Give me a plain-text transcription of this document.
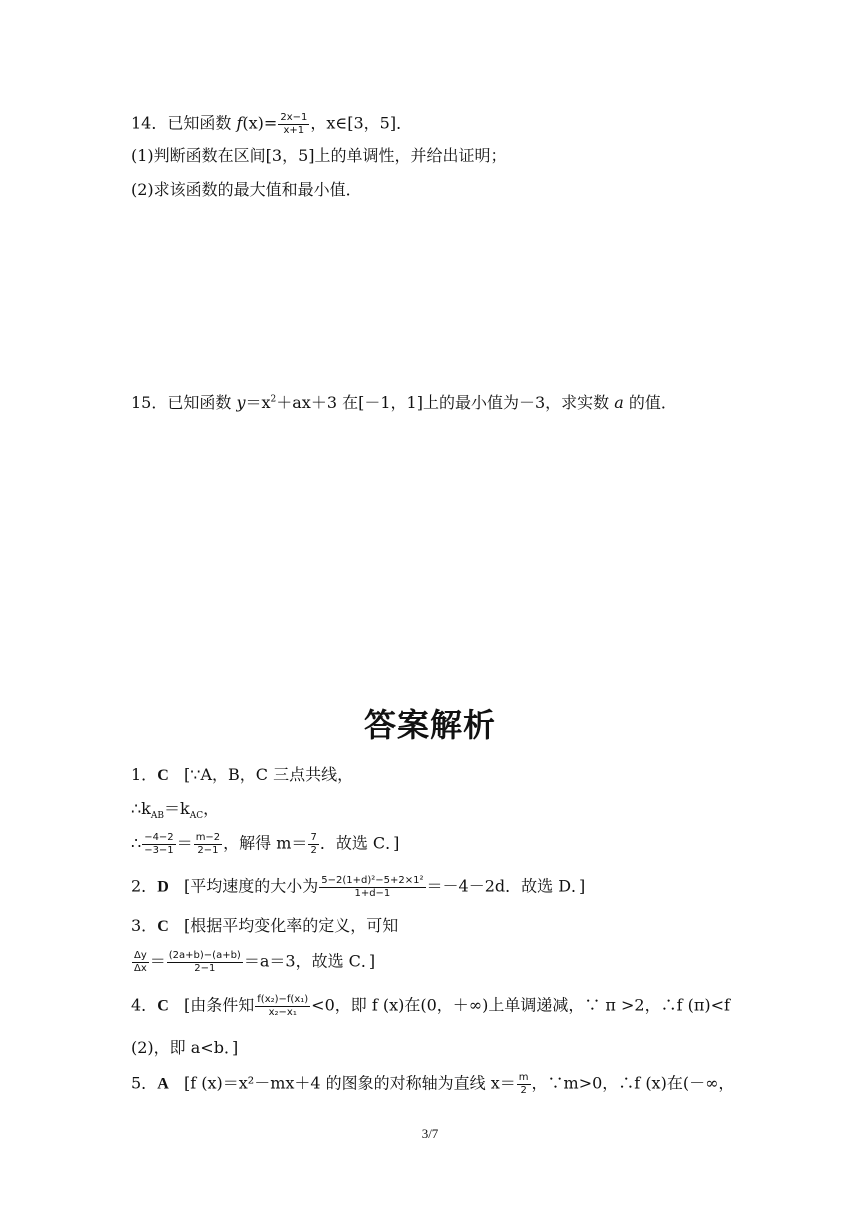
14．已知函数 $f(x)= \frac{2x-1}{x+1}$ ，x∈[3，5]．
(1)判断函数在区间[3，5]上的单调性，并给出证明；
(2)求该函数的最大值和最小值．
15．已知函数 $y=x^2+ax+3$ 在[－1，1]上的最小值为－3，求实数 a 的值．
答案解析
1．C [∵A，B，C 三点共线，
$\therefore k_{AB}=k_{AC}$，
∴ $\frac{-4-2}{-3-1} = \frac{m-2}{2-1}$ ，解得 $m= \frac{7}{2}$ ．故选 C．]
2．D [平均速度的大小为 $\frac{\text{5−2(1+d)²−5+2×1²}}{1+d-1} =-4-2d$．故选 D．]
3．C [根据平均变化率的定义，可知
$\frac{\Delta y}{\Delta x} = \frac{(2a+b)-(a+b)}{2-1} =a=3$，故选 C．]
4．C [由条件知 $\frac{\text{f(x₂)−f(x₁)}}{\text{x₂−x₁}} <0$，即 f (x)在(0，＋∞)上单调递减，∵ π >2，∴f (π)<f
(2)，即 a<b．]
5．A [f (x)＝x²－mx＋4 的图象的对称轴为直线 $x= \frac{m}{2}$ ，∵m>0，∴f (x)在(－∞，
3/7
